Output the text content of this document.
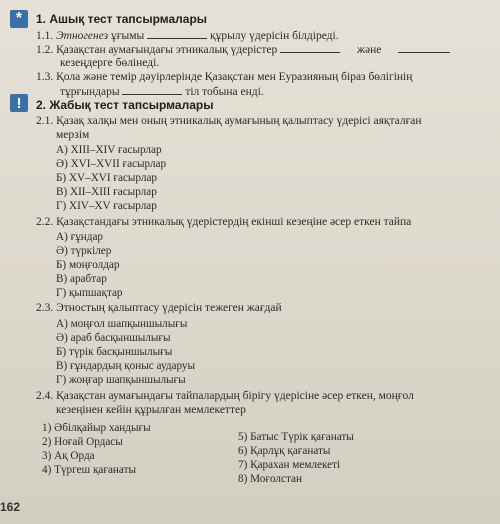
* 1. Ашық тест тапсырмалары
1.1. Этногенез ұғымы	құрылу үдерісін білдіреді.
1.2. Қазақстан аумағындағы этникалық үдерістер	және
кезеңдерге бөлінеді.
1.3. Қола және темір дәуірлерінде Қазақстан мен Еуразияның біраз бөлігінің
тұрғындары	тіл тобына енді.
! 2. Жабық тест тапсырмалары
2.1. Қазақ халқы мен оның этникалық аумағының қалыптасу үдерісі аяқталған
мерзім
А) XIII–XIV ғасырлар
Ә) XVI–XVII ғасырлар
Б) XV–XVI ғасырлар
В) XII–XIII ғасырлар
Г) XIV–XV ғасырлар
2.2. Қазақстандағы этникалық үдерістердің екінші кезеңіне әсер еткен тайпа
А) ғұндар
Ә) түркілер
Б) моңғолдар
В) арабтар
Г) қыпшақтар
2.3. Этностың қалыптасу үдерісін тежеген жағдай
А) моңғол шапқыншылығы
Ә) араб басқыншылығы
Б) түрік басқыншылығы
В) ғұндардың қоныс аударуы
Г) жоңғар шапқыншылығы
2.4. Қазақстан аумағындағы тайпалардың бірігу үдерісіне әсер еткен, моңғол
кезеңінен кейін құрылған мемлекеттер
1) Әбілқайыр хандығы
2) Ноғай Ордасы
3) Ақ Орда
4) Түргеш қағанаты
5) Батыс Түрік қағанаты
6) Қарлұқ қағанаты
7) Қарахан мемлекеті
8) Моғолстан
162
